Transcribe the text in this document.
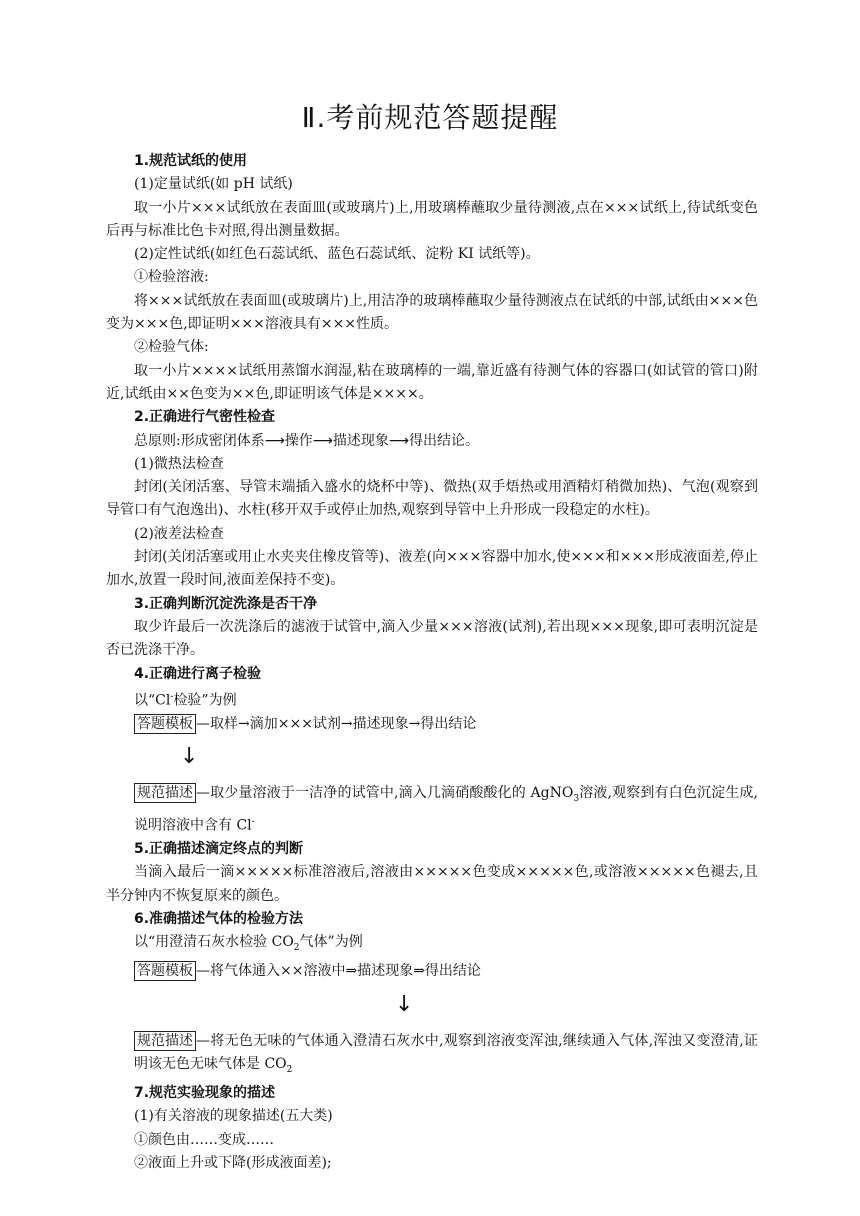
Ⅱ.考前规范答题提醒

1.规范试纸的使用

(1)定量试纸(如 pH 试纸)

取一小片×××试纸放在表面皿(或玻璃片)上,用玻璃棒蘸取少量待测液,点在×××试纸上,待试纸变色后再与标准比色卡对照,得出测量数据。

(2)定性试纸(如红色石蕊试纸、蓝色石蕊试纸、淀粉 KI 试纸等)。

①检验溶液:

将×××试纸放在表面皿(或玻璃片)上,用洁净的玻璃棒蘸取少量待测液点在试纸的中部,试纸由×××色变为×××色,即证明×××溶液具有×××性质。

②检验气体:

取一小片××××试纸用蒸馏水润湿,粘在玻璃棒的一端,靠近盛有待测气体的容器口(如试管的管口)附近,试纸由××色变为××色,即证明该气体是××××。

2.正确进行气密性检查

总原则:形成密闭体系⟶操作⟶描述现象⟶得出结论。

(1)微热法检查

封闭(关闭活塞、导管末端插入盛水的烧杯中等)、微热(双手焐热或用酒精灯稍微加热)、气泡(观察到导管口有气泡逸出)、水柱(移开双手或停止加热,观察到导管中上升形成一段稳定的水柱)。

(2)液差法检查

封闭(关闭活塞或用止水夹夹住橡皮管等)、液差(向×××容器中加水,使×××和×××形成液面差,停止加水,放置一段时间,液面差保持不变)。

3.正确判断沉淀洗涤是否干净

取少许最后一次洗涤后的滤液于试管中,滴入少量×××溶液(试剂),若出现×××现象,即可表明沉淀是否已洗涤干净。

4.正确进行离子检验

以“Cl-检验”为例

答题模板 —取样→滴加×××试剂→描述现象→得出结论

↓

规范描述 —取少量溶液于一洁净的试管中,滴入几滴硝酸酸化的 AgNO$_3$溶液,观察到有白色沉淀生成,说明溶液中含有 Cl-

5.正确描述滴定终点的判断

当滴入最后一滴×××××标准溶液后,溶液由×××××色变成×××××色,或溶液×××××色褪去,且半分钟内不恢复原来的颜色。

6.准确描述气体的检验方法

以“用澄清石灰水检验 $CO_2$气体”为例

答题模板 —将气体通入××溶液中⇒描述现象⇒得出结论

↓

规范描述 —将无色无味的气体通入澄清石灰水中,观察到溶液变浑浊,继续通入气体,浑浊又变澄清,证明该无色无味气体是 $CO_2$

7.规范实验现象的描述

(1)有关溶液的现象描述(五大类)

①颜色由……变成……

②液面上升或下降(形成液面差);
